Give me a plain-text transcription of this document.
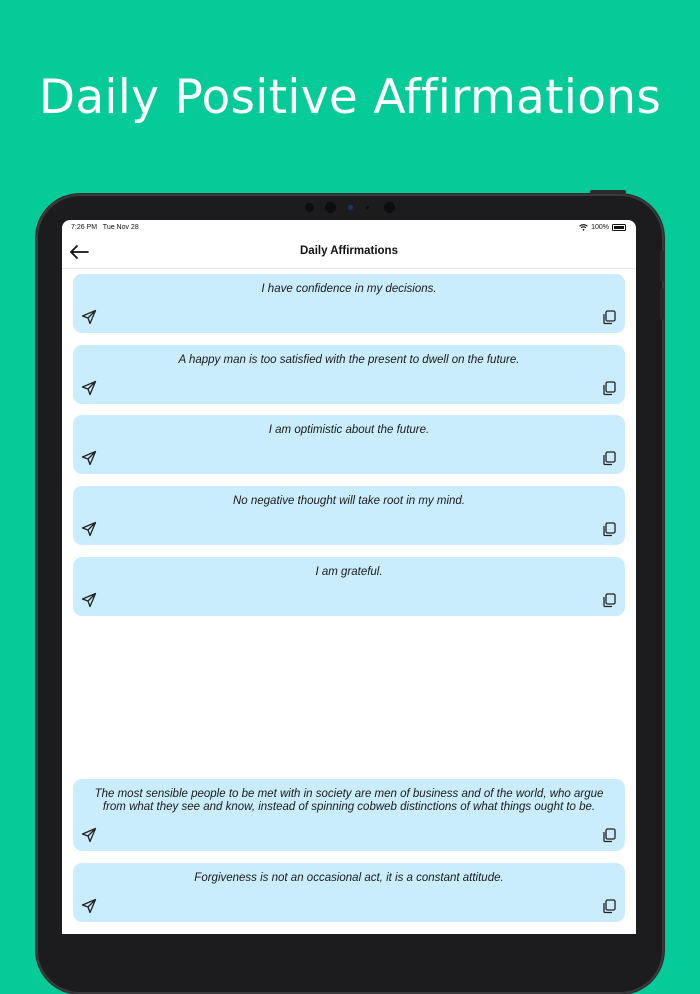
Daily Positive Affirmations
7:26 PM Tue Nov 28	100%
Daily Affirmations
I have confidence in my decisions.
A happy man is too satisfied with the present to dwell on the future.
I am optimistic about the future.
No negative thought will take root in my mind.
I am grateful.
The most sensible people to be met with in society are men of business and of the world, who argue from what they see and know, instead of spinning cobweb distinctions of what things ought to be.
Forgiveness is not an occasional act, it is a constant attitude.
